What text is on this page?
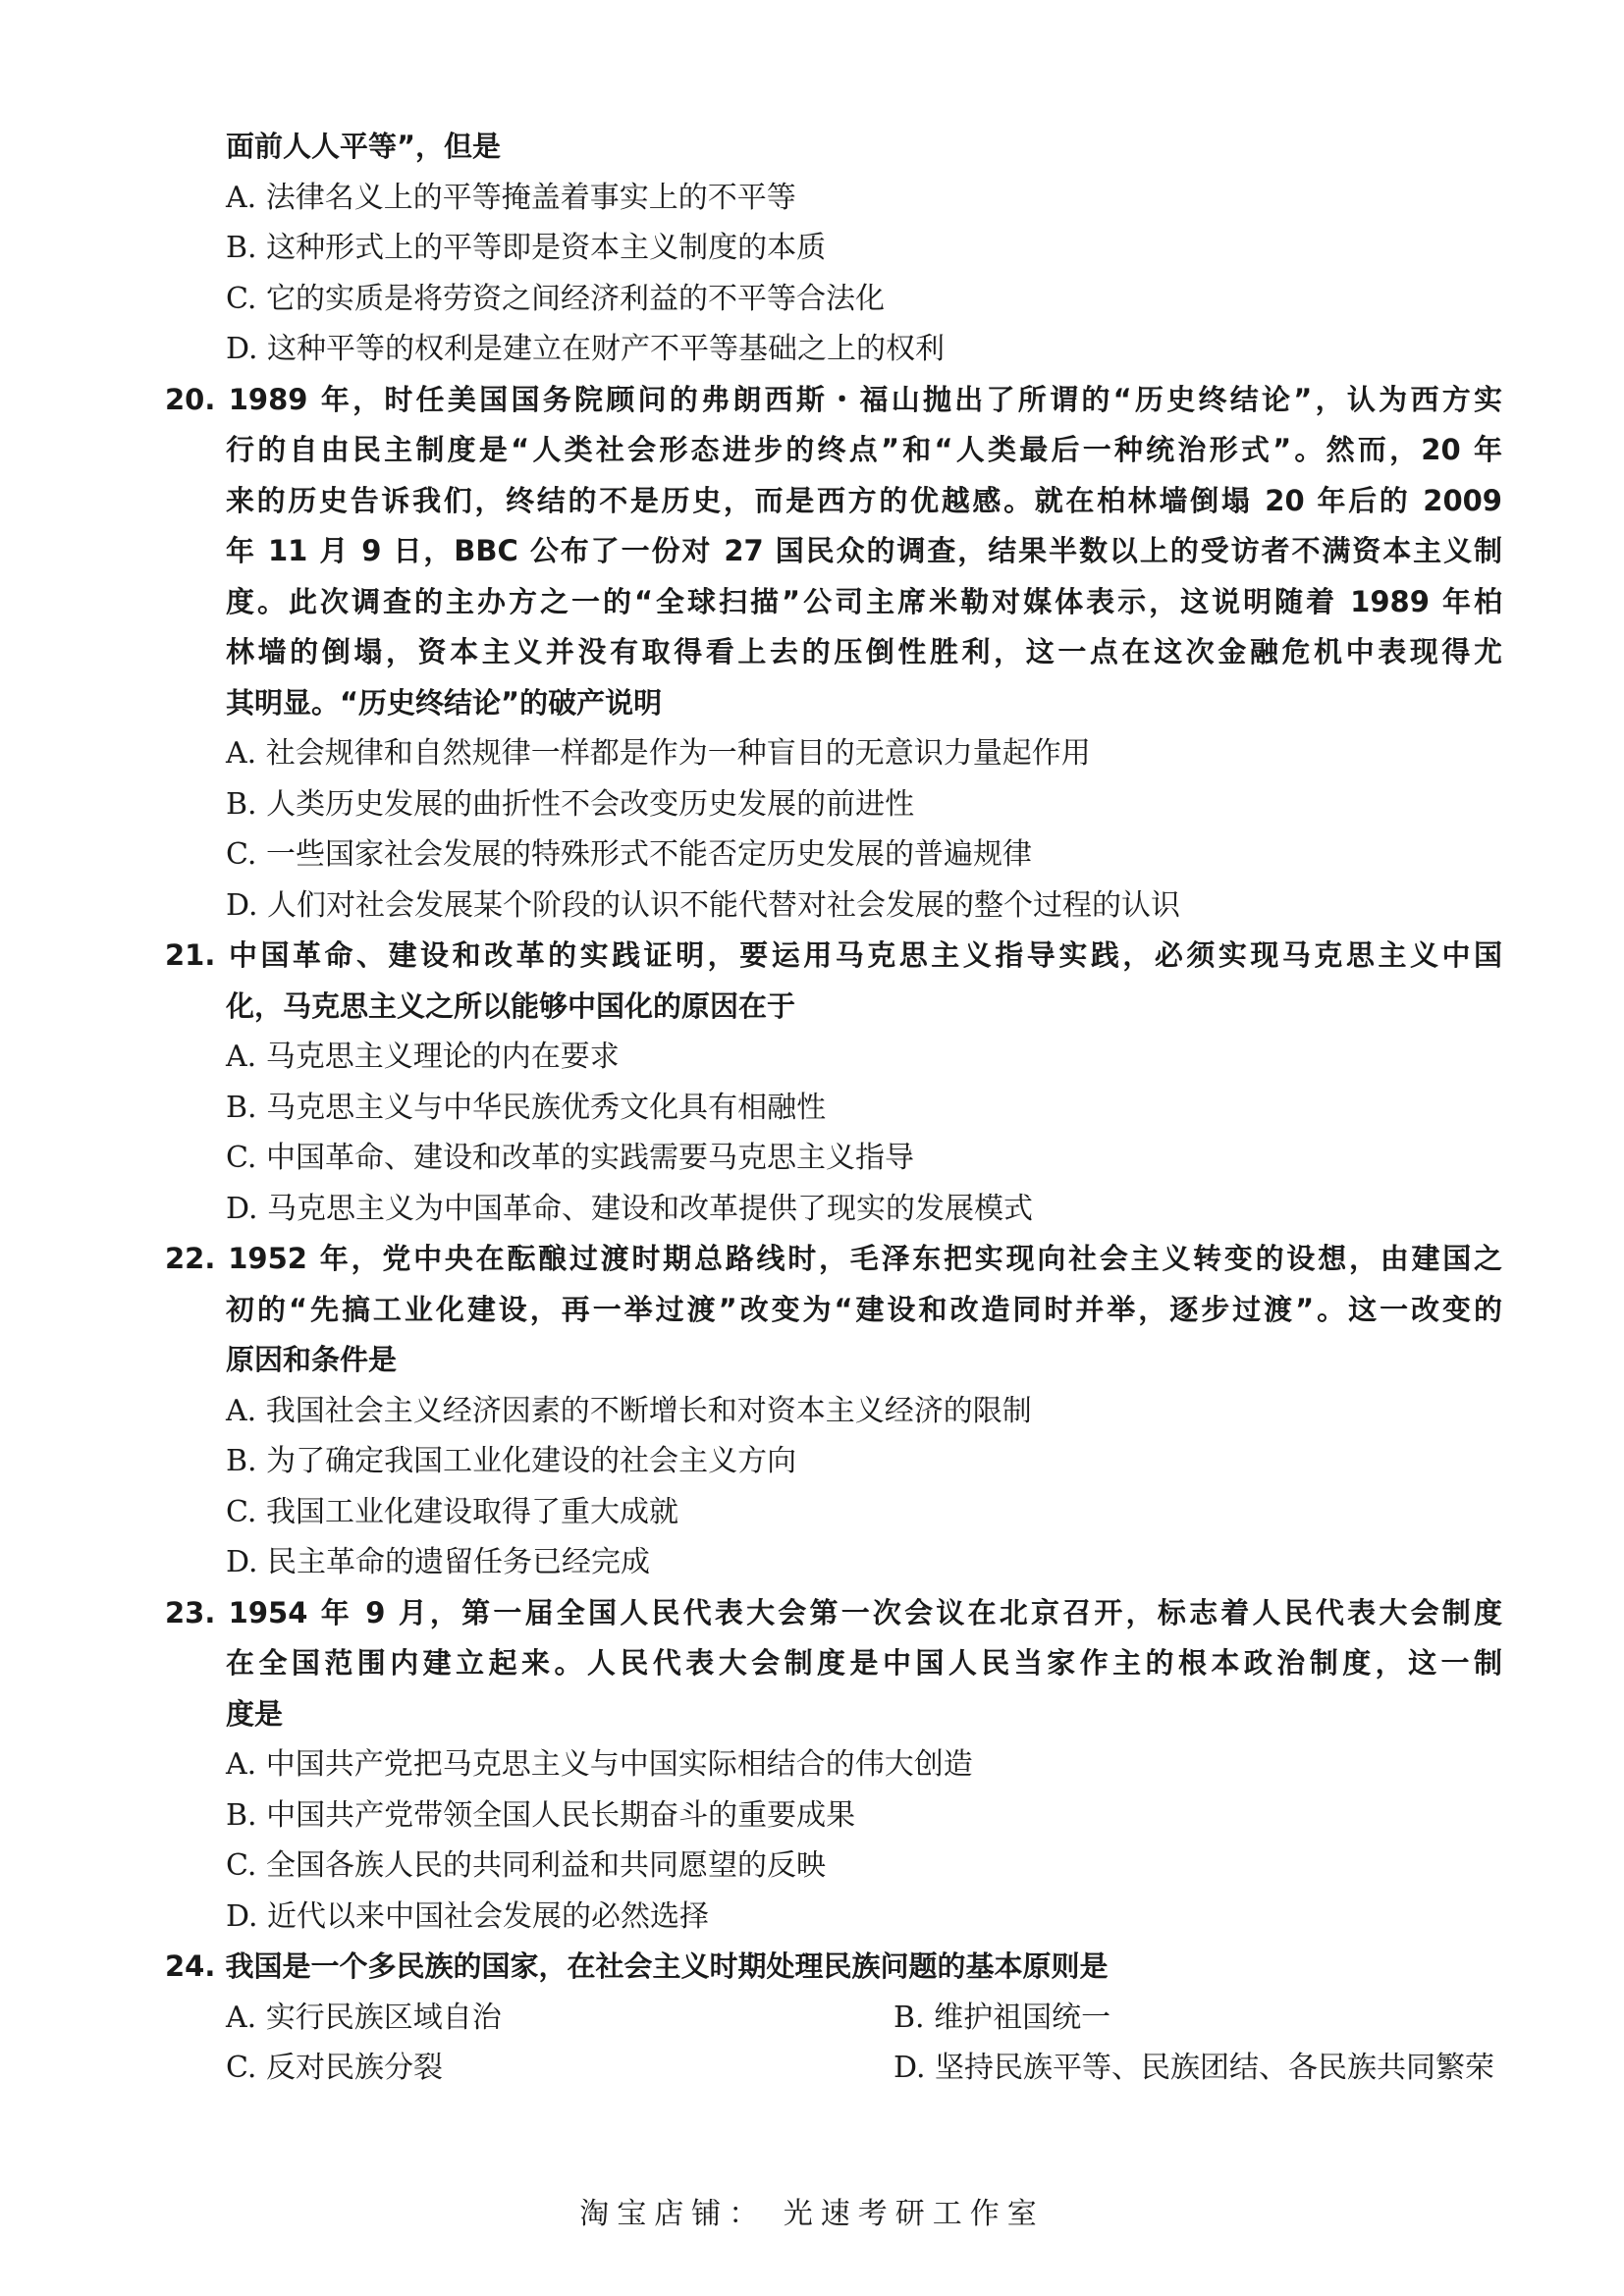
面前人人平等”，但是
A. 法律名义上的平等掩盖着事实上的不平等
B. 这种形式上的平等即是资本主义制度的本质
C. 它的实质是将劳资之间经济利益的不平等合法化
D. 这种平等的权利是建立在财产不平等基础之上的权利
20. 1989 年，时任美国国务院顾问的弗朗西斯・福山抛出了所谓的“历史终结论”，认为西方实
行的自由民主制度是“人类社会形态进步的终点”和“人类最后一种统治形式”。然而，20 年
来的历史告诉我们，终结的不是历史，而是西方的优越感。就在柏林墙倒塌 20 年后的 2009
年 11 月 9 日，BBC 公布了一份对 27 国民众的调查，结果半数以上的受访者不满资本主义制
度。此次调查的主办方之一的“全球扫描”公司主席米勒对媒体表示，这说明随着 1989 年柏
林墙的倒塌，资本主义并没有取得看上去的压倒性胜利，这一点在这次金融危机中表现得尤
其明显。“历史终结论”的破产说明
A. 社会规律和自然规律一样都是作为一种盲目的无意识力量起作用
B. 人类历史发展的曲折性不会改变历史发展的前进性
C. 一些国家社会发展的特殊形式不能否定历史发展的普遍规律
D. 人们对社会发展某个阶段的认识不能代替对社会发展的整个过程的认识
21. 中国革命、建设和改革的实践证明，要运用马克思主义指导实践，必须实现马克思主义中国
化，马克思主义之所以能够中国化的原因在于
A. 马克思主义理论的内在要求
B. 马克思主义与中华民族优秀文化具有相融性
C. 中国革命、建设和改革的实践需要马克思主义指导
D. 马克思主义为中国革命、建设和改革提供了现实的发展模式
22. 1952 年，党中央在酝酿过渡时期总路线时，毛泽东把实现向社会主义转变的设想，由建国之
初的“先搞工业化建设，再一举过渡”改变为“建设和改造同时并举，逐步过渡”。这一改变的
原因和条件是
A. 我国社会主义经济因素的不断增长和对资本主义经济的限制
B. 为了确定我国工业化建设的社会主义方向
C. 我国工业化建设取得了重大成就
D. 民主革命的遗留任务已经完成
23. 1954 年 9 月，第一届全国人民代表大会第一次会议在北京召开，标志着人民代表大会制度
在全国范围内建立起来。人民代表大会制度是中国人民当家作主的根本政治制度，这一制
度是
A. 中国共产党把马克思主义与中国实际相结合的伟大创造
B. 中国共产党带领全国人民长期奋斗的重要成果
C. 全国各族人民的共同利益和共同愿望的反映
D. 近代以来中国社会发展的必然选择
24. 我国是一个多民族的国家，在社会主义时期处理民族问题的基本原则是
A. 实行民族区域自治	B. 维护祖国统一
C. 反对民族分裂	D. 坚持民族平等、民族团结、各民族共同繁荣
淘宝店铺： 光速考研工作室
